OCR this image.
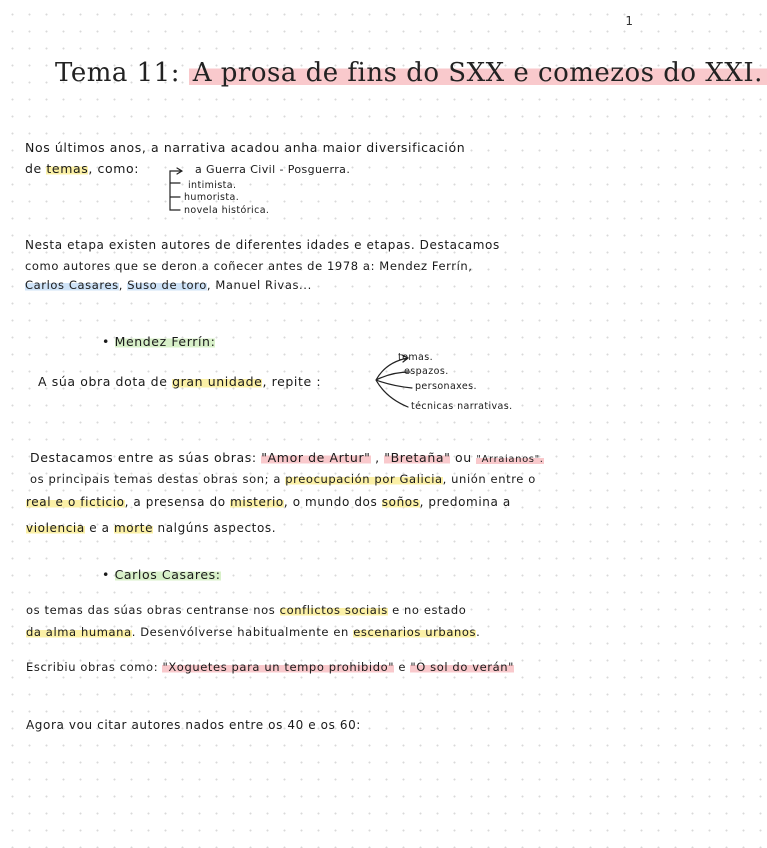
1
Tema 11: A prosa de fins do SXX e comezos do XXI.
Nos últimos anos, a narrativa acadou anha maior diversificación
de temas, como:	a Guerra Civil - Posguerra.
intimista.
humorista.
novela histórica.
Nesta etapa existen autores de diferentes idades e etapas. Destacamos
como autores que se deron a coñecer antes de 1978 a: Mendez Ferrín,
Carlos Casares, Suso de toro, Manuel Rivas...
• Mendez Ferrín:
A súa obra dota de gran unidade, repite :
temas.
espazos.
personaxes.
técnicas narrativas.
Destacamos entre as súas obras: "Amor de Artur" , "Bretaña" ou "Arraianos".
os principais temas destas obras son; a preocupación por Galicia, unión entre o
real e o ficticio, a presensa do misterio, o mundo dos soños, predomina a
violencia e a morte nalgúns aspectos.
• Carlos Casares:
os temas das súas obras centranse nos conflictos sociais e no estado
da alma humana. Desenvólverse habitualmente en escenarios urbanos.
Escribiu obras como: "Xoguetes para un tempo prohibido" e "O sol do verán"
Agora vou citar autores nados entre os 40 e os 60:
